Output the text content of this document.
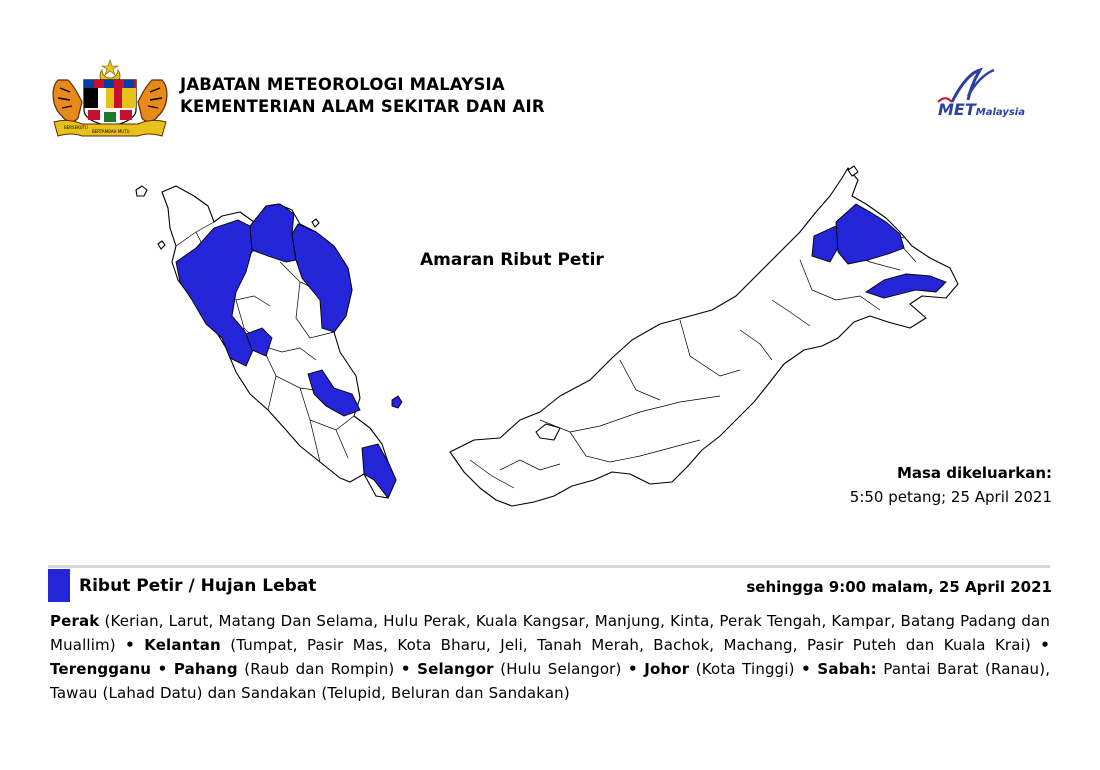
BERSEKUTU
BERTAMBAH MUTU
JABATAN METEOROLOGI MALAYSIA
KEMENTERIAN ALAM SEKITAR DAN AIR	METMalaysia
Amaran Ribut Petir
Masa dikeluarkan:
5:50 petang; 25 April 2021
Ribut Petir / Hujan Lebat	sehingga 9:00 malam, 25 April 2021
Perak (Kerian, Larut, Matang Dan Selama, Hulu Perak, Kuala Kangsar, Manjung, Kinta, Perak Tengah, Kampar, Batang Padang dan Muallim) • Kelantan (Tumpat, Pasir Mas, Kota Bharu, Jeli, Tanah Merah, Bachok, Machang, Pasir Puteh dan Kuala Krai) • Terengganu • Pahang (Raub dan Rompin) • Selangor (Hulu Selangor) • Johor (Kota Tinggi) • Sabah: Pantai Barat (Ranau), Tawau (Lahad Datu) dan Sandakan (Telupid, Beluran dan Sandakan)
